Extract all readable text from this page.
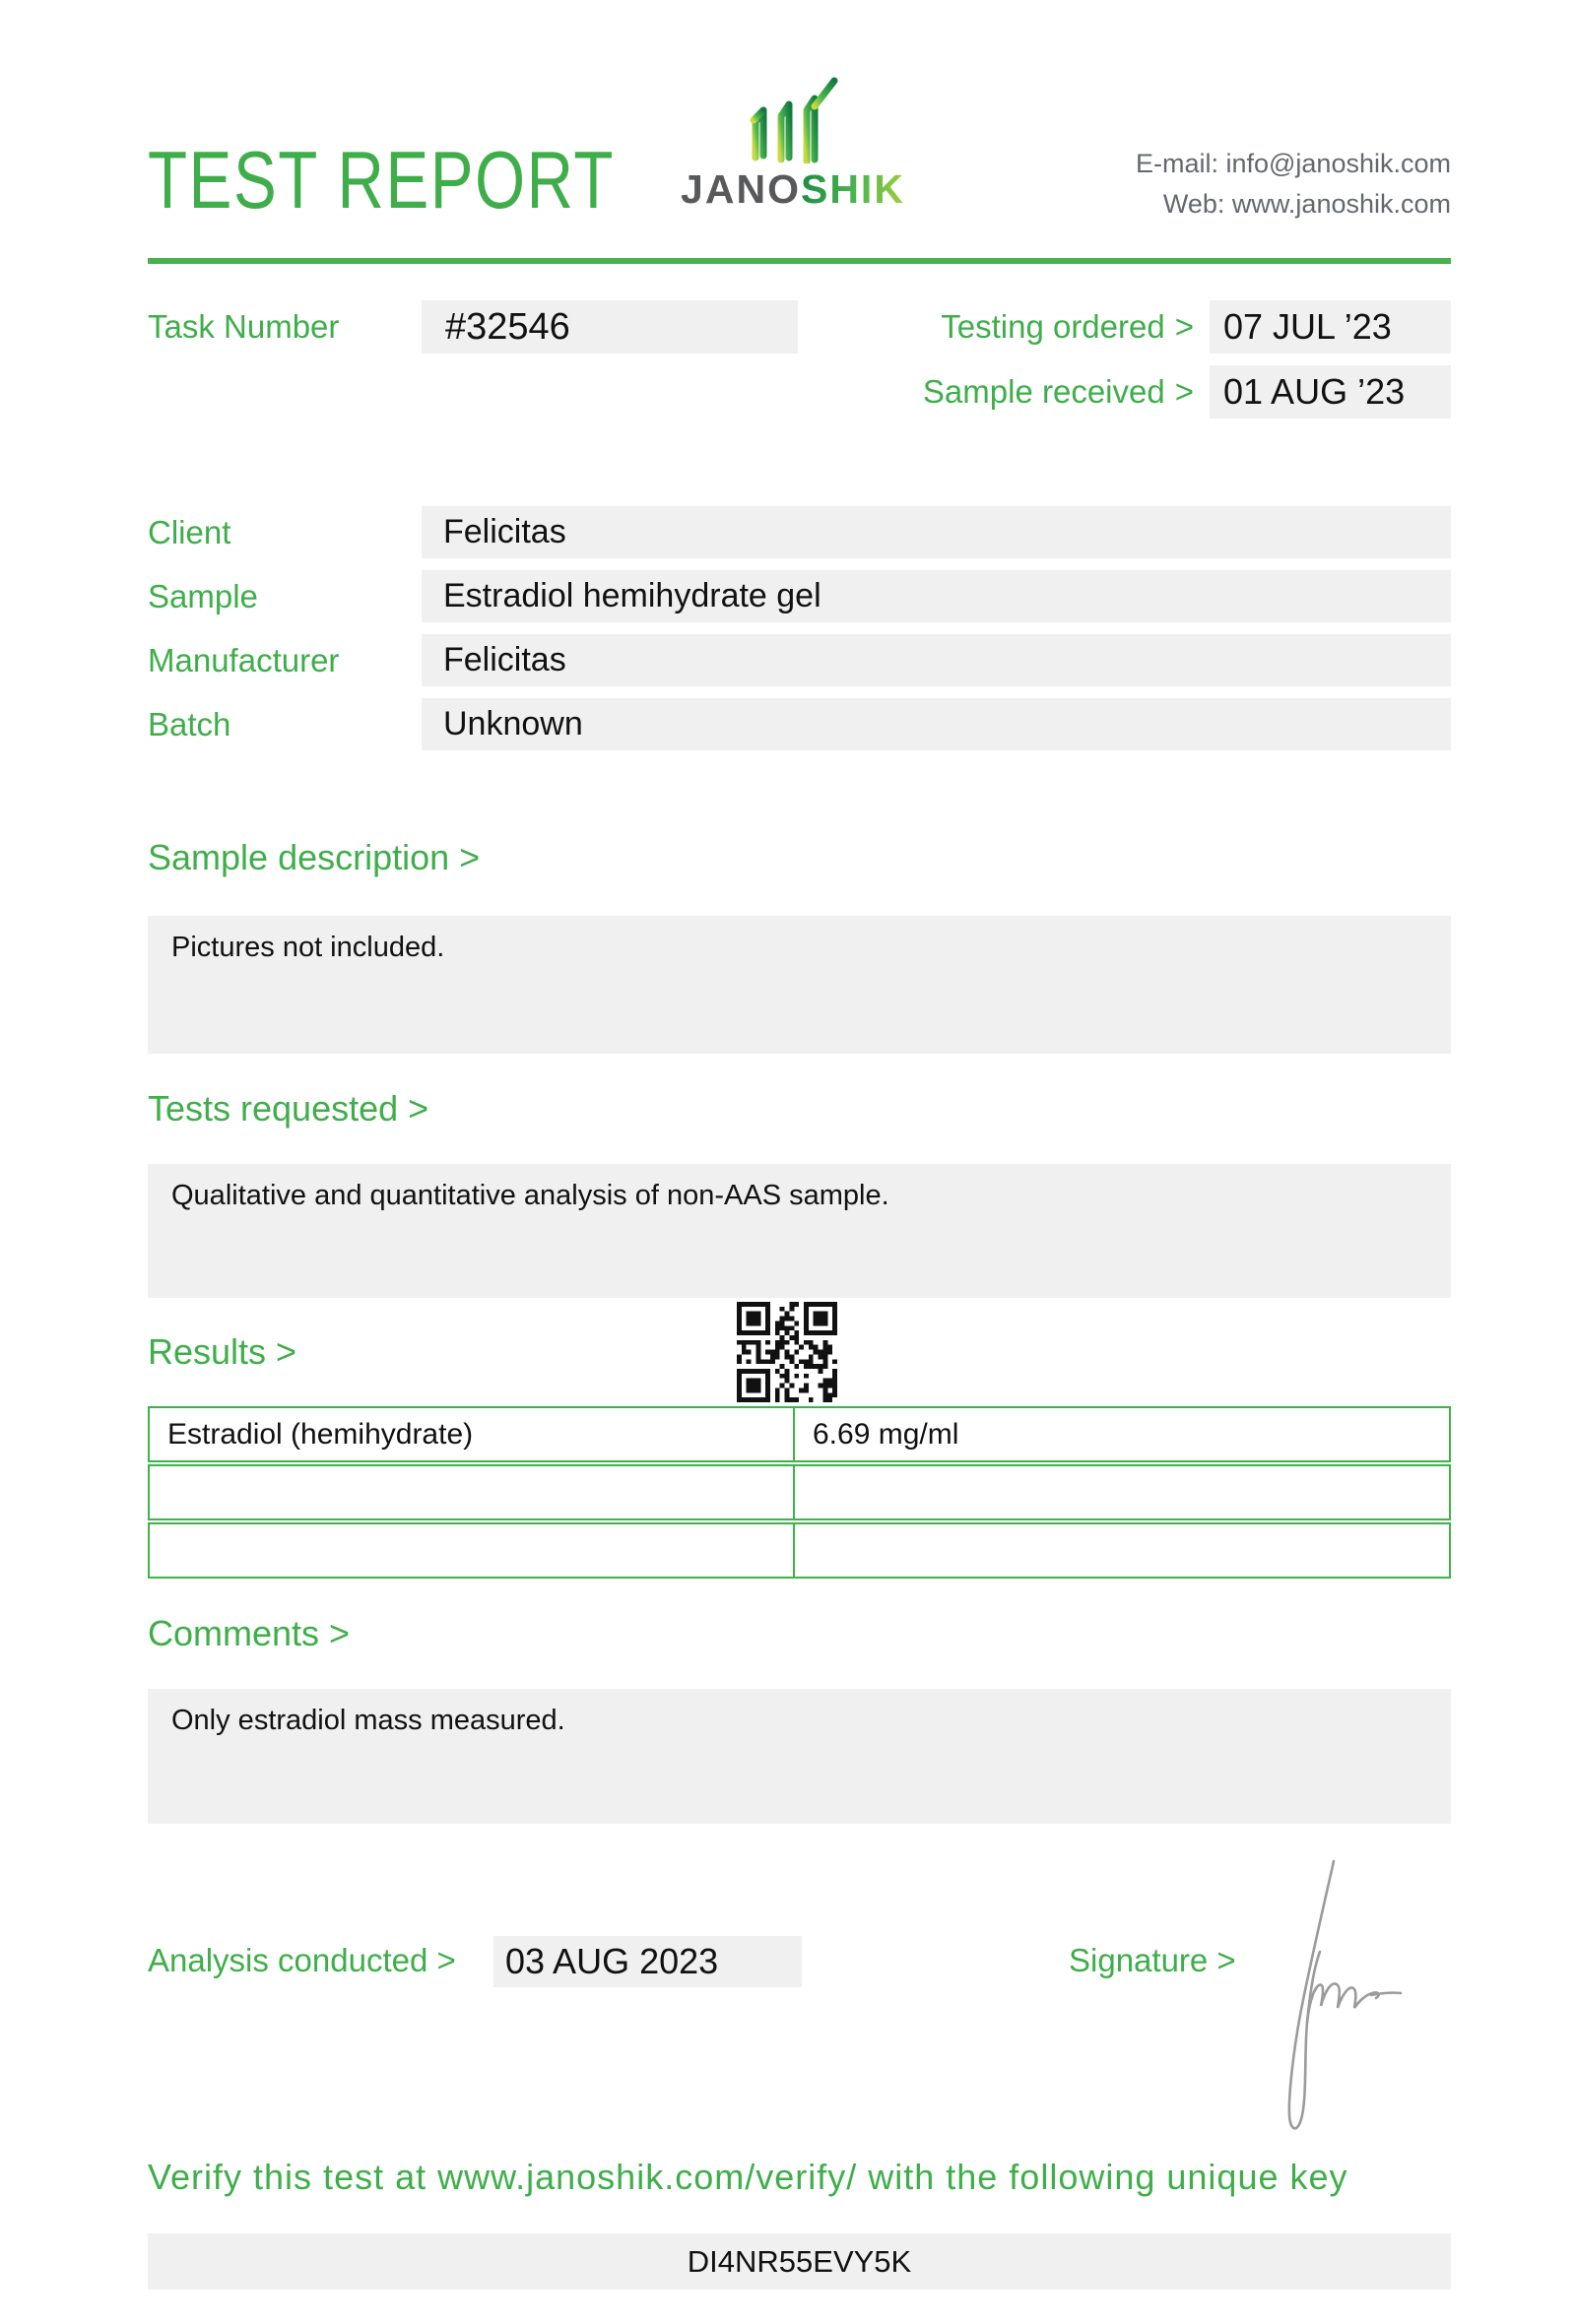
TEST REPORT JANOSHIK
E-mail: info@janoshik.com
Web: www.janoshik.com
Task Number	#32546	Testing ordered > 07 JUL ’23
Sample received > 01 AUG ’23
Client	Felicitas
Sample	Estradiol hemihydrate gel
Manufacturer	Felicitas
Batch	Unknown
Sample description >
Pictures not included.
Tests requested >
Qualitative and quantitative analysis of non-AAS sample.
Results >
Estradiol (hemihydrate)	6.69 mg/ml
Comments >
Only estradiol mass measured.
Analysis conducted >	03 AUG 2023	Signature >
Verify this test at www.janoshik.com/verify/ with the following unique key
DI4NR55EVY5K
